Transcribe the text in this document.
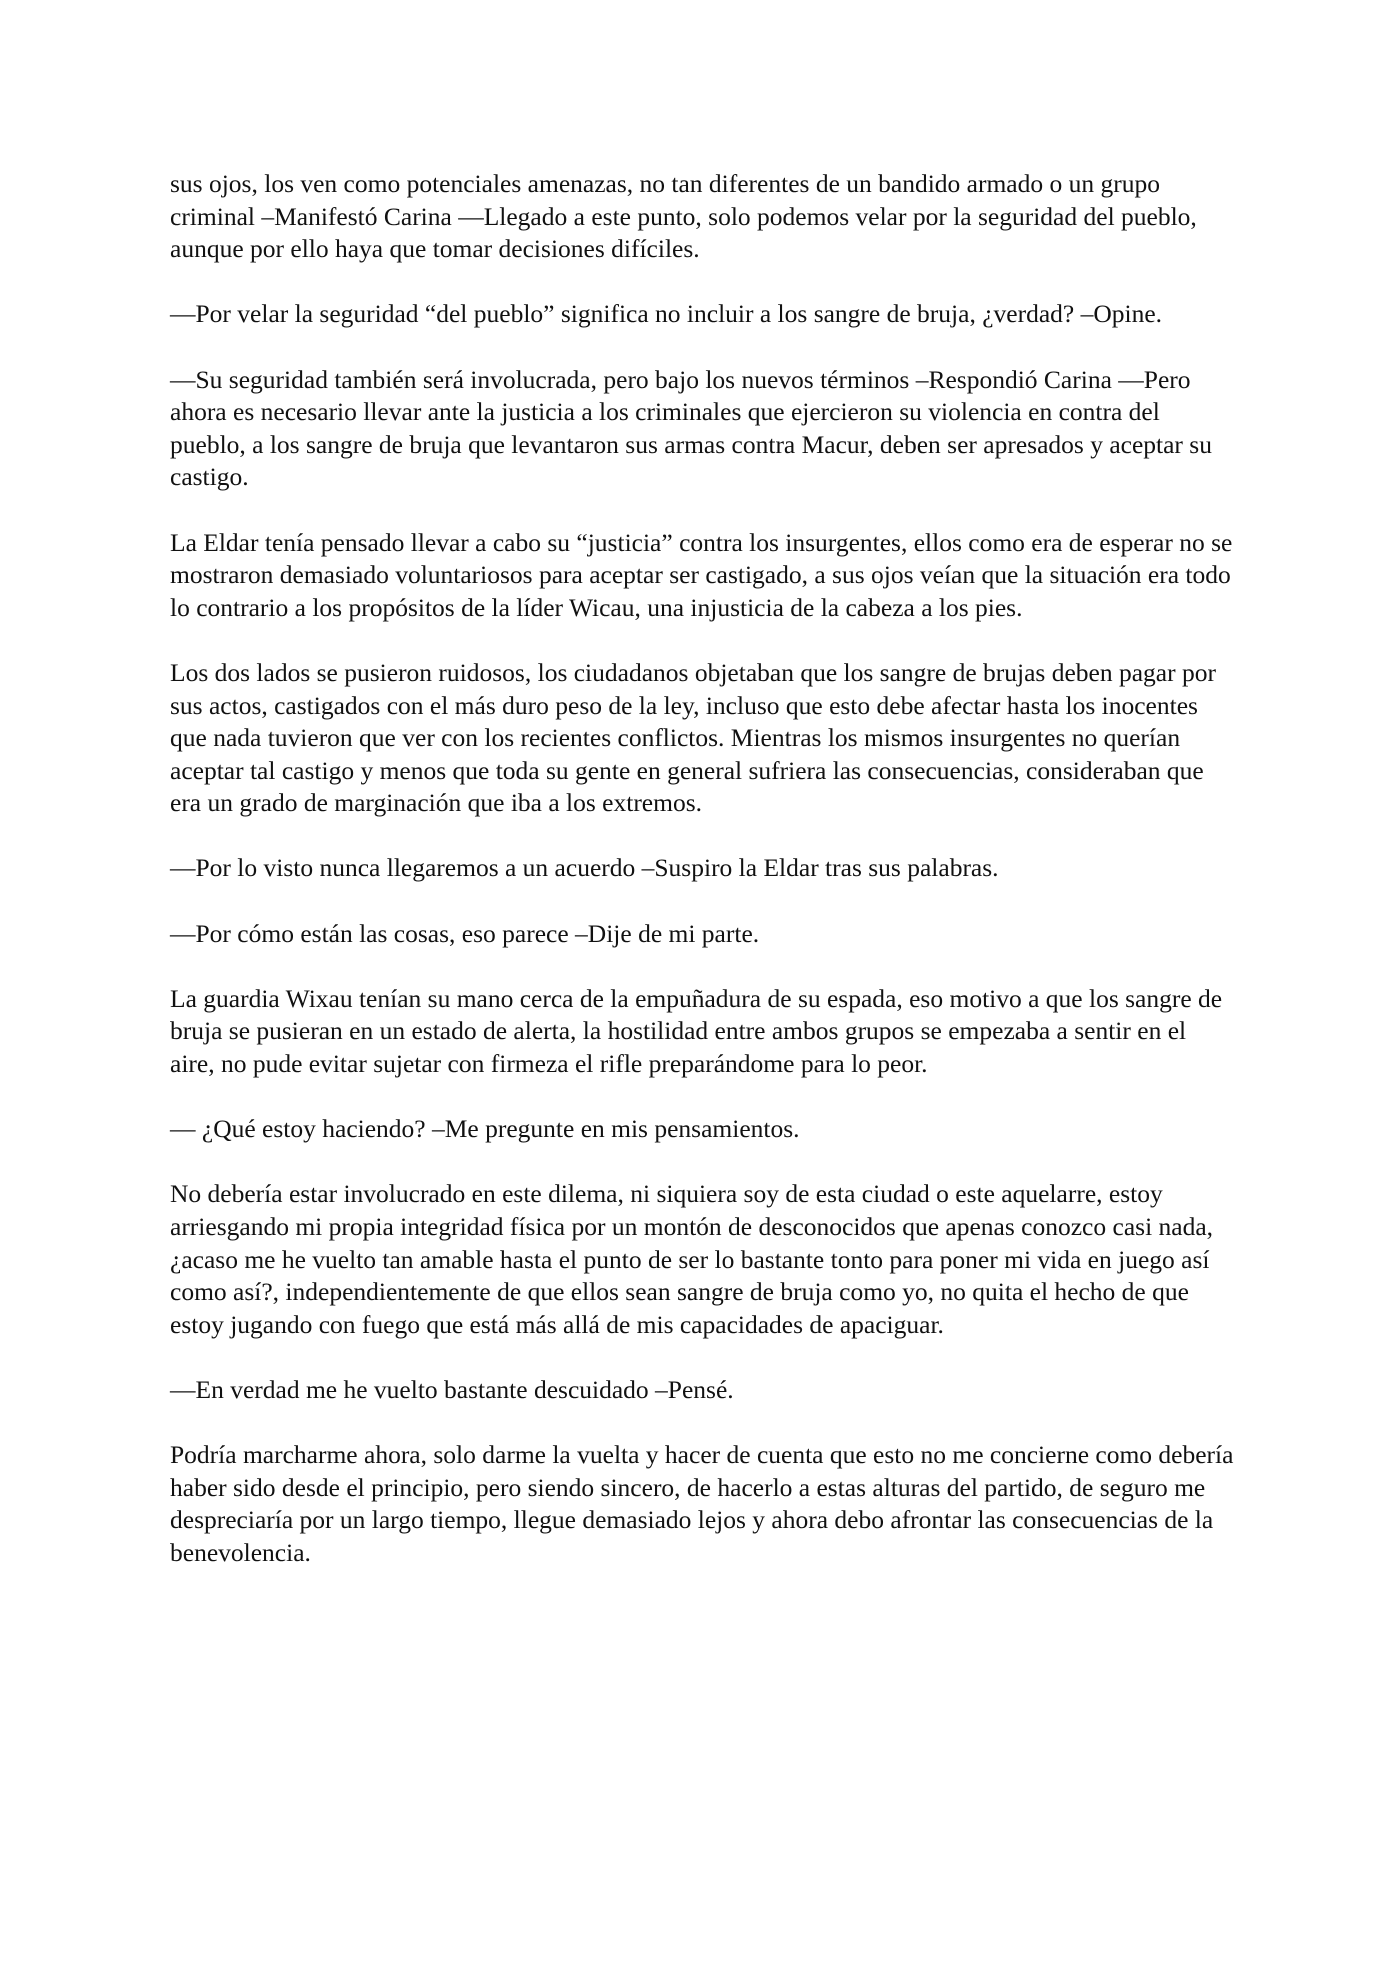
sus ojos, los ven como potenciales amenazas, no tan diferentes de un bandido armado o un grupo criminal –Manifestó Carina —Llegado a este punto, solo podemos velar por la seguridad del pueblo, aunque por ello haya que tomar decisiones difíciles.

—Por velar la seguridad “del pueblo” significa no incluir a los sangre de bruja, ¿verdad? –Opine.

—Su seguridad también será involucrada, pero bajo los nuevos términos –Respondió Carina —Pero ahora es necesario llevar ante la justicia a los criminales que ejercieron su violencia en contra del pueblo, a los sangre de bruja que levantaron sus armas contra Macur, deben ser apresados y aceptar su castigo.

La Eldar tenía pensado llevar a cabo su “justicia” contra los insurgentes, ellos como era de esperar no se mostraron demasiado voluntariosos para aceptar ser castigado, a sus ojos veían que la situación era todo lo contrario a los propósitos de la líder Wicau, una injusticia de la cabeza a los pies.

Los dos lados se pusieron ruidosos, los ciudadanos objetaban que los sangre de brujas deben pagar por sus actos, castigados con el más duro peso de la ley, incluso que esto debe afectar hasta los inocentes que nada tuvieron que ver con los recientes conflictos. Mientras los mismos insurgentes no querían aceptar tal castigo y menos que toda su gente en general sufriera las consecuencias, consideraban que era un grado de marginación que iba a los extremos.

—Por lo visto nunca llegaremos a un acuerdo –Suspiro la Eldar tras sus palabras.

—Por cómo están las cosas, eso parece –Dije de mi parte.

La guardia Wixau tenían su mano cerca de la empuñadura de su espada, eso motivo a que los sangre de bruja se pusieran en un estado de alerta, la hostilidad entre ambos grupos se empezaba a sentir en el aire, no pude evitar sujetar con firmeza el rifle preparándome para lo peor.

— ¿Qué estoy haciendo? –Me pregunte en mis pensamientos.

No debería estar involucrado en este dilema, ni siquiera soy de esta ciudad o este aquelarre, estoy arriesgando mi propia integridad física por un montón de desconocidos que apenas conozco casi nada, ¿acaso me he vuelto tan amable hasta el punto de ser lo bastante tonto para poner mi vida en juego así como así?, independientemente de que ellos sean sangre de bruja como yo, no quita el hecho de que estoy jugando con fuego que está más allá de mis capacidades de apaciguar.

—En verdad me he vuelto bastante descuidado –Pensé.

Podría marcharme ahora, solo darme la vuelta y hacer de cuenta que esto no me concierne como debería haber sido desde el principio, pero siendo sincero, de hacerlo a estas alturas del partido, de seguro me despreciaría por un largo tiempo, llegue demasiado lejos y ahora debo afrontar las consecuencias de la benevolencia.
